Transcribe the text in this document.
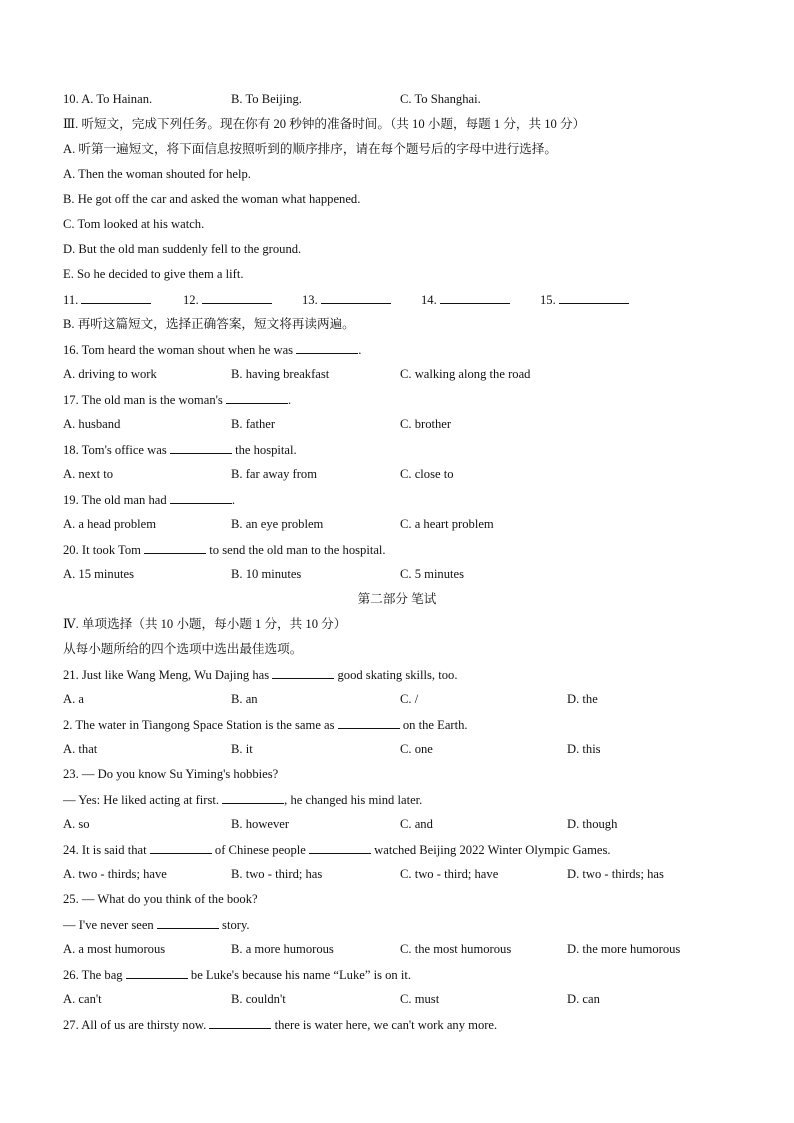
10. A. To Hainan.	B. To Beijing.	C. To Shanghai.
Ⅲ. 听短文，完成下列任务。现在你有 20 秒钟的准备时间。（共 10 小题，每题 1 分，共 10 分）
A. 听第一遍短文，将下面信息按照听到的顺序排序，请在每个题号后的字母中进行选择。
A. Then the woman shouted for help.
B. He got off the car and asked the woman what happened.
C. Tom looked at his watch.
D. But the old man suddenly fell to the ground.
E. So he decided to give them a lift.
11.	12.	13.	14.	15.
B. 再听这篇短文，选择正确答案，短文将再读两遍。
16. Tom heard the woman shout when he was	.
A. driving to work	B. having breakfast	C. walking along the road
17. The old man is the woman's	.
A. husband	B. father	C. brother
18. Tom's office was	the hospital.
A. next to	B. far away from	C. close to
19. The old man had	.
A. a head problem	B. an eye problem	C. a heart problem
20. It took Tom	to send the old man to the hospital.
A. 15 minutes	B. 10 minutes	C. 5 minutes
第二部分 笔试
Ⅳ. 单项选择（共 10 小题，每小题 1 分，共 10 分）
从每小题所给的四个选项中选出最佳选项。
21. Just like Wang Meng, Wu Dajing has	good skating skills, too.
A. a	B. an	C. /	D. the
2. The water in Tiangong Space Station is the same as	on the Earth.
A. that	B. it	C. one	D. this
23. — Do you know Su Yiming's hobbies?
— Yes: He liked acting at first.	, he changed his mind later.
A. so	B. however	C. and	D. though
24. It is said that	of Chinese people	watched Beijing 2022 Winter Olympic Games.
A. two - thirds; have	B. two - third; has	C. two - third; have	D. two - thirds; has
25. — What do you think of the book?
— I've never seen	story.
A. a most humorous	B. a more humorous	C. the most humorous	D. the more humorous
26. The bag	be Luke's because his name “Luke” is on it.
A. can't	B. couldn't	C. must	D. can
27. All of us are thirsty now.	there is water here, we can't work any more.
